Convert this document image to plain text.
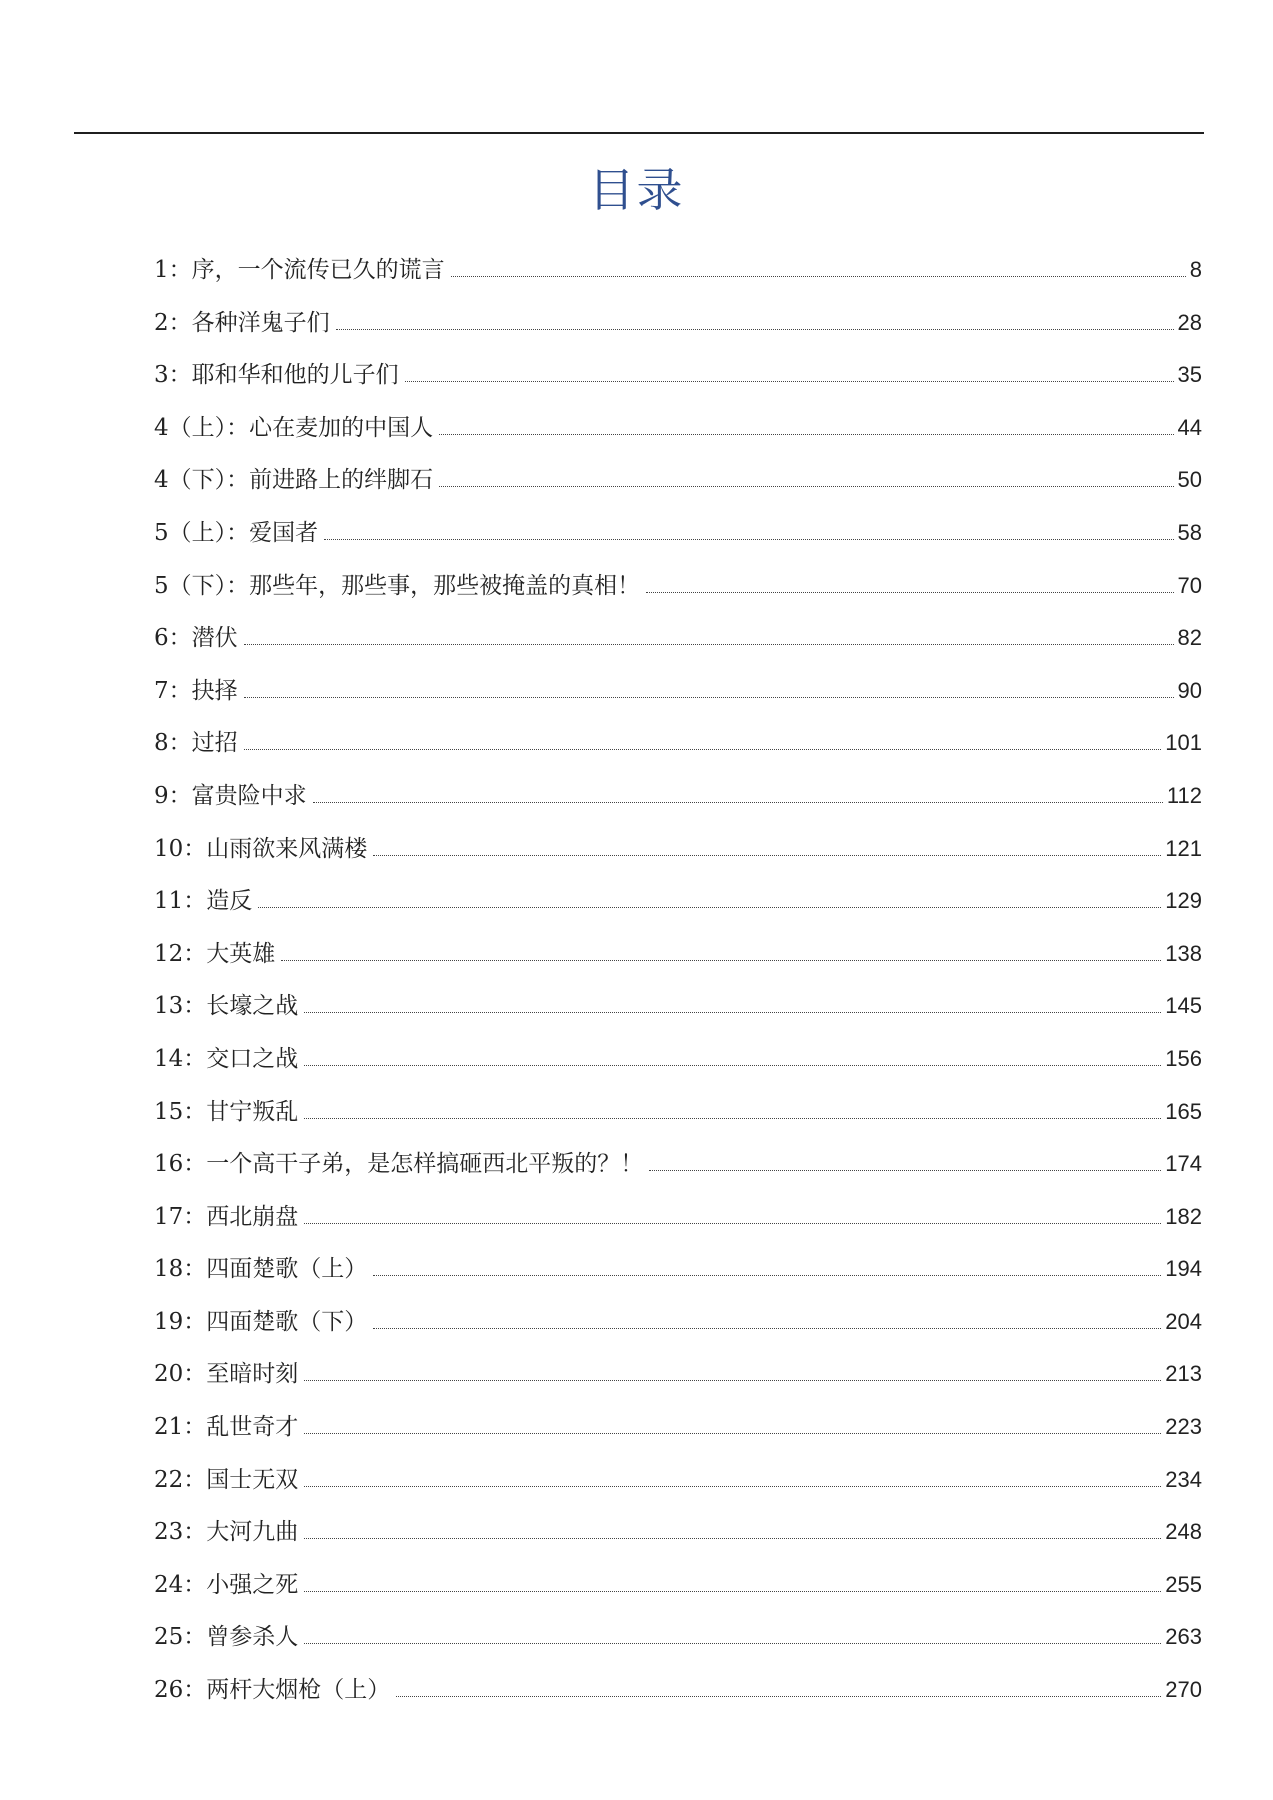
目录
1：序，一个流传已久的谎言	8
2：各种洋鬼子们	28
3：耶和华和他的儿子们	35
4（上）：心在麦加的中国人	44
4（下）：前进路上的绊脚石	50
5（上）：爱国者	58
5（下）：那些年，那些事，那些被掩盖的真相！	70
6：潜伏	82
7：抉择	90
8：过招	101
9：富贵险中求	112
10：山雨欲来风满楼	121
11：造反	129
12：大英雄	138
13：长壕之战	145
14：交口之战	156
15：甘宁叛乱	165
16：一个高干子弟，是怎样搞砸西北平叛的？！	174
17：西北崩盘	182
18：四面楚歌（上）	194
19：四面楚歌（下）	204
20：至暗时刻	213
21：乱世奇才	223
22：国士无双	234
23：大河九曲	248
24：小强之死	255
25：曾参杀人	263
26：两杆大烟枪（上）	270
